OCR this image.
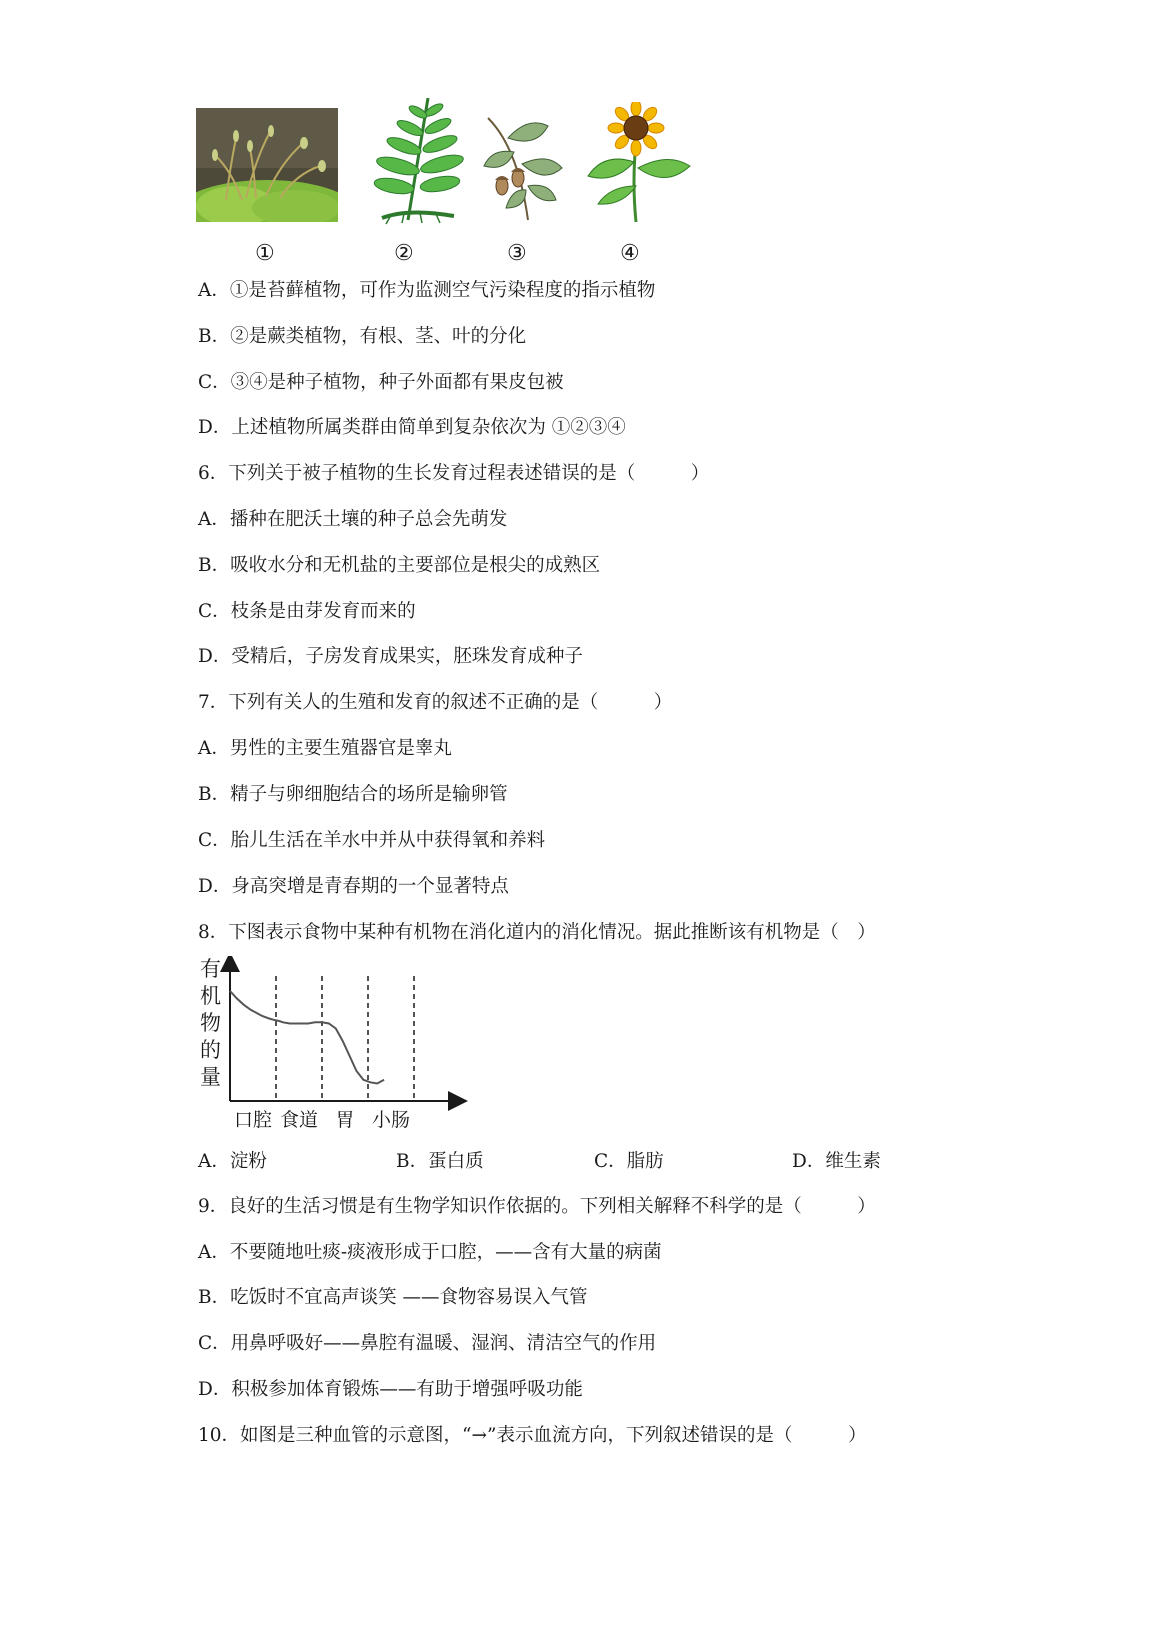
①	②	③	④
A．①是苔藓植物，可作为监测空气污染程度的指示植物
B．②是蕨类植物，有根、茎、叶的分化
C．③④是种子植物，种子外面都有果皮包被
D．上述植物所属类群由简单到复杂依次为 ①②③④
6．下列关于被子植物的生长发育过程表述错误的是（　　　）
A．播种在肥沃土壤的种子总会先萌发
B．吸收水分和无机盐的主要部位是根尖的成熟区
C．枝条是由芽发育而来的
D．受精后，子房发育成果实，胚珠发育成种子
7．下列有关人的生殖和发育的叙述不正确的是（　　　）
A．男性的主要生殖器官是睾丸
B．精子与卵细胞结合的场所是输卵管
C．胎儿生活在羊水中并从中获得氧和养料
D．身高突增是青春期的一个显著特点
8．下图表示食物中某种有机物在消化道内的消化情况。据此推断该有机物是（　）
有
机
物
的
量
口腔 食道 胃 小肠
A．淀粉	B．蛋白质	C．脂肪	D．维生素
9．良好的生活习惯是有生物学知识作依据的。下列相关解释不科学的是（　　　）
A．不要随地吐痰-痰液形成于口腔，——含有大量的病菌
B．吃饭时不宜高声谈笑 ——食物容易误入气管
C．用鼻呼吸好——鼻腔有温暖、湿润、清洁空气的作用
D．积极参加体育锻炼——有助于增强呼吸功能
10．如图是三种血管的示意图，“→”表示血流方向，下列叙述错误的是（　　　）
